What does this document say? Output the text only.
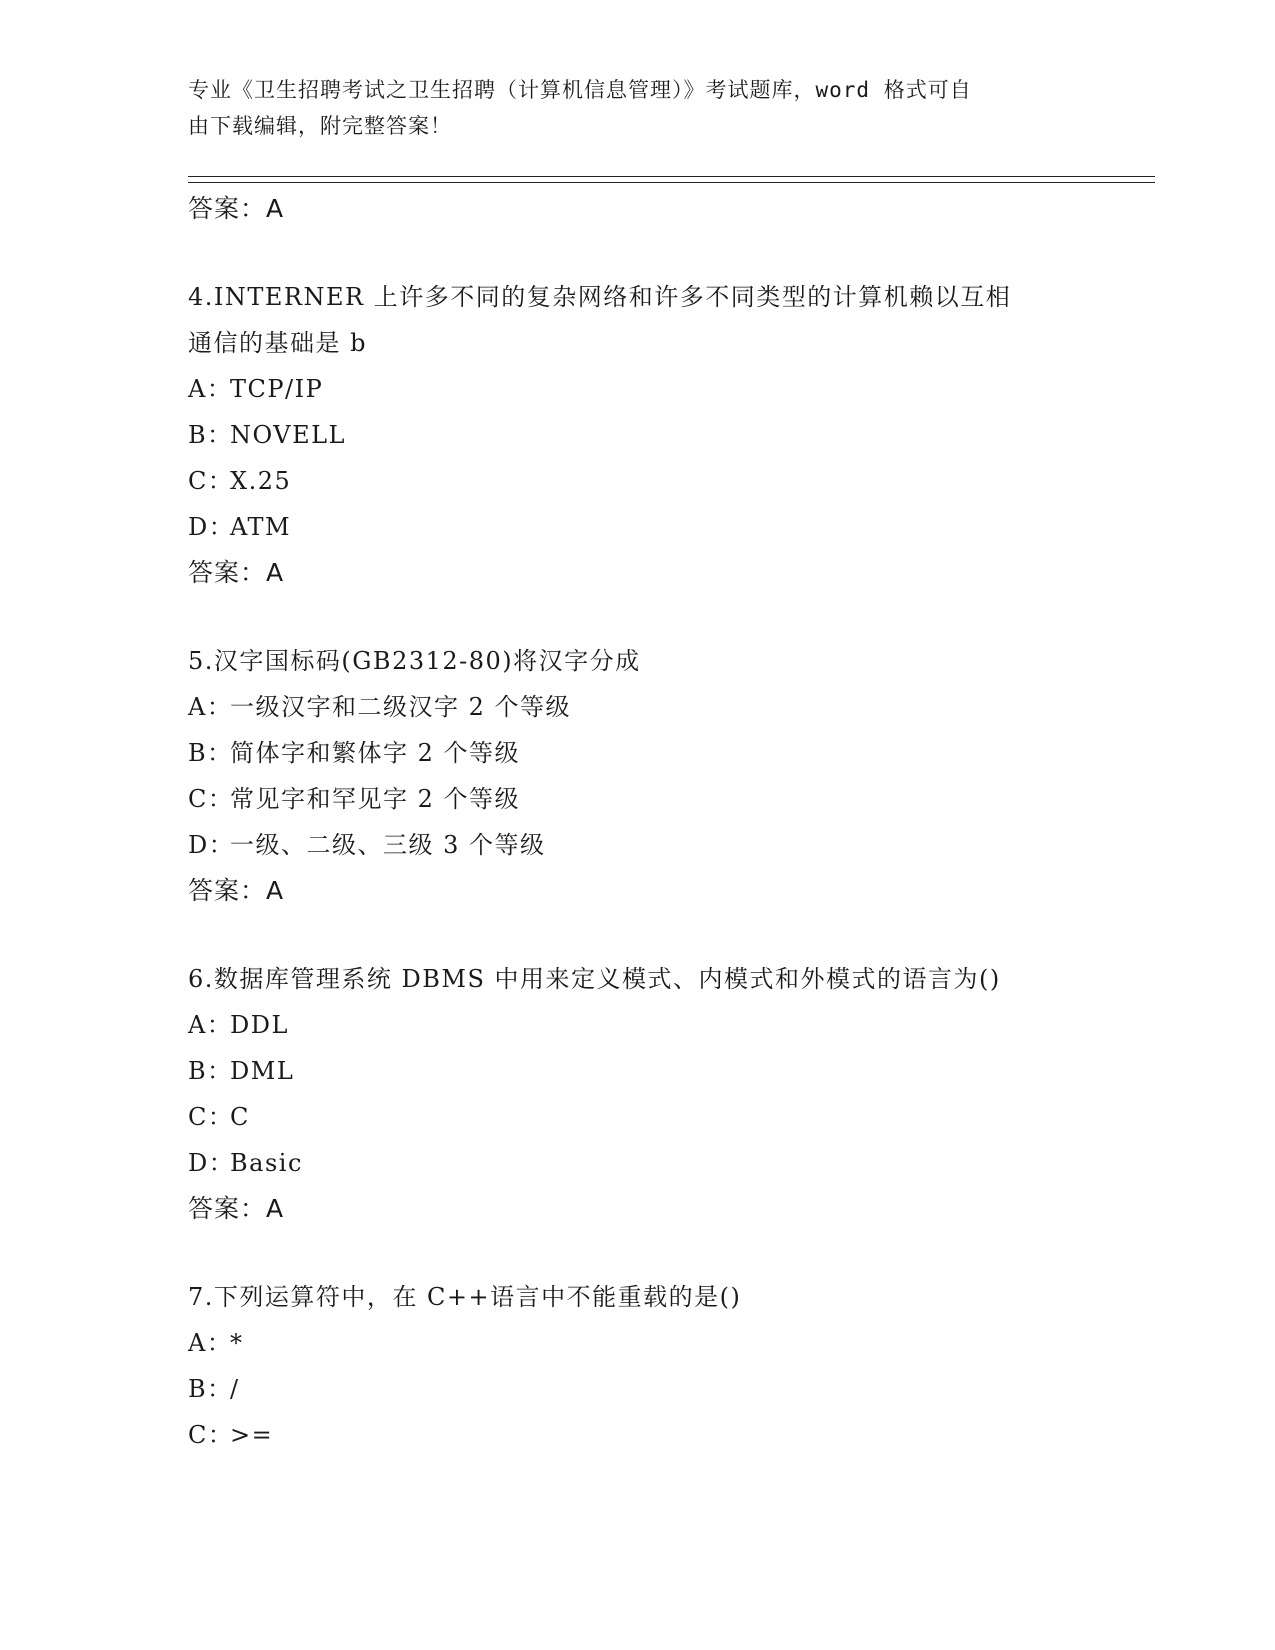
专业《卫生招聘考试之卫生招聘（计算机信息管理）》考试题库，word 格式可自
由下载编辑，附完整答案！
答案：A
4.INTERNER 上许多不同的复杂网络和许多不同类型的计算机赖以互相
通信的基础是 b
A：TCP/IP
B：NOVELL
C：X.25
D：ATM
答案：A
5.汉字国标码(GB2312-80)将汉字分成
A：一级汉字和二级汉字 2 个等级
B：简体字和繁体字 2 个等级
C：常见字和罕见字 2 个等级
D：一级、二级、三级 3 个等级
答案：A
6.数据库管理系统 DBMS 中用来定义模式、内模式和外模式的语言为()
A：DDL
B：DML
C：C
D：Basic
答案：A
7.下列运算符中，在 C++语言中不能重载的是()
A：*
B：/
C：>=
